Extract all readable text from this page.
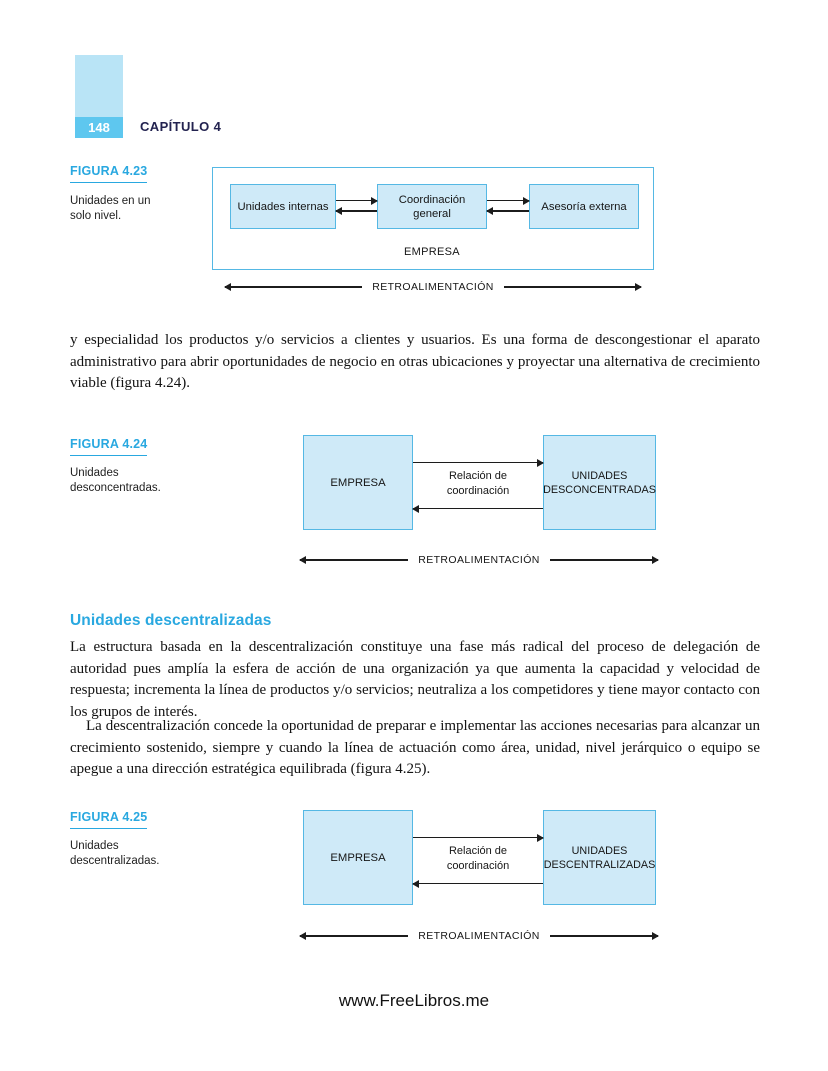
148	CAPÍTULO 4
FIGURA 4.23
Unidades en un solo nivel.
Unidades internas
Coordinación general
Asesoría externa
EMPRESA
RETROALIMENTACIÓN
y especialidad los productos y/o servicios a clientes y usuarios. Es una forma de descongestionar el aparato administrativo para abrir oportunidades de negocio en otras ubicaciones y proyectar una alternativa de crecimiento viable (figura 4.24).
FIGURA 4.24
Unidades desconcentradas.	EMPRESA
UNIDADES DESCONCENTRADAS
Relación de coordinación
RETROALIMENTACIÓN
Unidades descentralizadas
La estructura basada en la descentralización constituye una fase más radical del proceso de delegación de autoridad pues amplía la esfera de acción de una organización ya que aumenta la capacidad y velocidad de respuesta; incrementa la línea de productos y/o servicios; neutraliza a los competidores y tiene mayor contacto con los grupos de interés.
La descentralización concede la oportunidad de preparar e implementar las acciones necesarias para alcanzar un crecimiento sostenido, siempre y cuando la línea de actuación como área, unidad, nivel jerárquico o equipo se apegue a una dirección estratégica equilibrada (figura 4.25).
FIGURA 4.25
Unidades descentralizadas.	EMPRESA
UNIDADES DESCENTRALIZADAS
Relación de coordinación
RETROALIMENTACIÓN
www.FreeLibros.me
